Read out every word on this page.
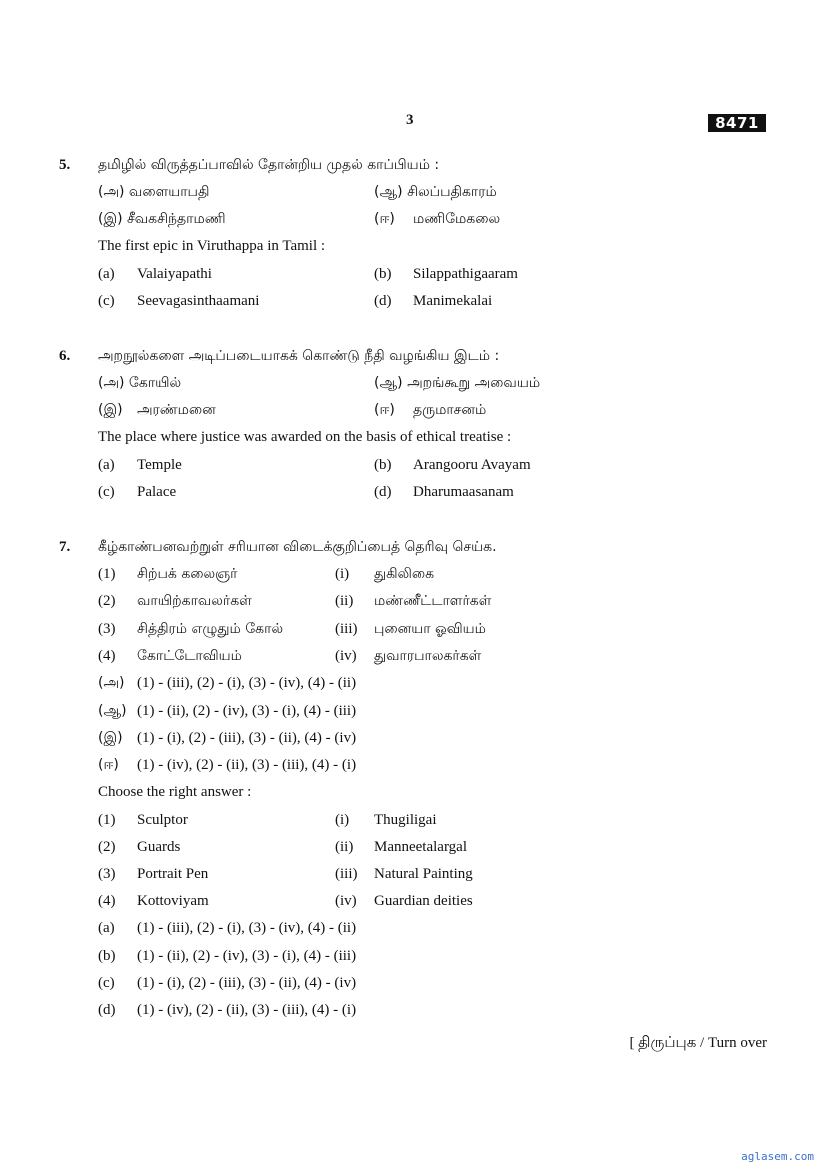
3	8471
5. தமிழில் விருத்தப்பாவில் தோன்றிய முதல் காப்பியம் :
(அ) வளையாபதி	(ஆ) சிலப்பதிகாரம்
(இ) சீவகசிந்தாமணி	(ஈ) மணிமேகலை
The first epic in Viruthappa in Tamil :
(a) Valaiyapathi	(b) Silappathigaaram
(c) Seevagasinthaamani	(d) Manimekalai
6. அறநூல்களை அடிப்படையாகக் கொண்டு நீதி வழங்கிய இடம் :
(அ) கோயில்	(ஆ) அறங்கூறு அவையம்
(இ) அரண்மனை	(ஈ) தருமாசனம்
The place where justice was awarded on the basis of ethical treatise :
(a) Temple	(b) Arangooru Avayam
(c) Palace	(d) Dharumaasanam
7. கீழ்காண்பனவற்றுள் சரியான விடைக்குறிப்பைத் தெரிவு செய்க.
(1) சிற்பக் கலைஞர்	(i) துகிலிகை
(2) வாயிற்காவலர்கள்	(ii) மண்ணீட்டாளர்கள்
(3) சித்திரம் எழுதும் கோல்	(iii) புனையா ஓவியம்
(4) கோட்டோவியம்	(iv) துவாரபாலகர்கள்
(அ) (1) - (iii), (2) - (i), (3) - (iv), (4) - (ii)
(ஆ) (1) - (ii), (2) - (iv), (3) - (i), (4) - (iii)
(இ) (1) - (i), (2) - (iii), (3) - (ii), (4) - (iv)
(ஈ) (1) - (iv), (2) - (ii), (3) - (iii), (4) - (i)
Choose the right answer :
(1) Sculptor	(i) Thugiligai
(2) Guards	(ii) Manneetalargal
(3) Portrait Pen	(iii) Natural Painting
(4) Kottoviyam	(iv) Guardian deities
(a) (1) - (iii), (2) - (i), (3) - (iv), (4) - (ii)
(b) (1) - (ii), (2) - (iv), (3) - (i), (4) - (iii)
(c) (1) - (i), (2) - (iii), (3) - (ii), (4) - (iv)
(d) (1) - (iv), (2) - (ii), (3) - (iii), (4) - (i)
[ திருப்புக / Turn over
aglasem.com
